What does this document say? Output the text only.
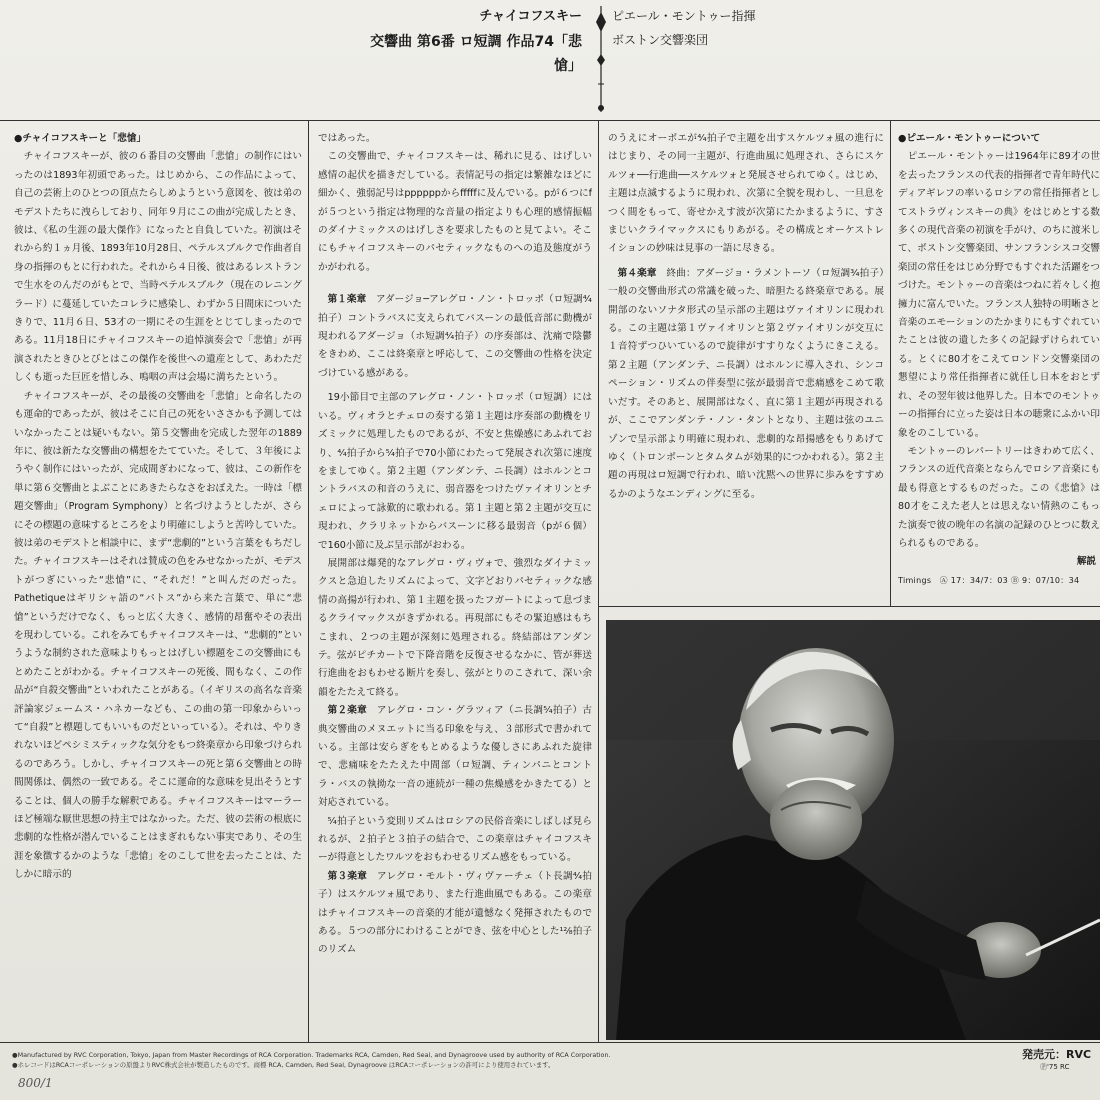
チャイコフスキー
交響曲 第6番 ロ短調 作品74「悲愴」
ピエール・モントゥー指揮
ボストン交響楽団

●チャイコフスキーと「悲愴」

チャイコフスキーが、彼の６番目の交響曲「悲愴」の制作にはいったのは1893年初頭であった。はじめから、この作品によって、自己の芸術上のひとつの頂点たらしめようという意図を、彼は弟のモデストたちに洩らしており、同年９月にこの曲が完成したとき、彼は、《私の生涯の最大傑作》になったと自負していた。初演はそれから約１ヵ月後、1893年10月28日、ペテルスブルクで作曲者自身の指揮のもとに行われた。それから４日後、彼はあるレストランで生水をのんだのがもとで、当時ペテルスブルク（現在のレニングラード）に蔓延していたコレラに感染し、わずか５日間床についたきりで、11月６日、53才の一期にその生涯をとじてしまったのである。11月18日にチャイコフスキーの追悼演奏会で「悲愴」が再演されたときひとびとはこの傑作を後世への遺産として、あわただしくも逝った巨匠を惜しみ、嗚咽の声は会場に満ちたという。

チャイコフスキーが、その最後の交響曲を「悲愴」と命名したのも運命的であったが、彼はそこに自己の死をいささかも予測してはいなかったことは疑いもない。第５交響曲を完成した翌年の1889年に、彼は新たな交響曲の構想をたてていた。そして、３年後にようやく制作にはいったが、完成間ぎわになって、彼は、この新作を単に第６交響曲とよぶことにあきたらなさをおぼえた。一時は「標題交響曲」（Program Symphony）と名づけようとしたが、さらにその標題の意味するところをより明確にしようと苦吟していた。彼は弟のモデストと相談中に、まず“悲劇的”という言葉をもちだした。チャイコフスキーはそれは賛成の色をみせなかったが、モデストがつぎにいった“悲愴”に、“それだ！”と叫んだのだった。Pathetiqueはギリシャ語の“パトス”から来た言葉で、単に“悲愴”というだけでなく、もっと広く大きく、感情的昂奮やその表出を現わしている。これをみてもチャイコフスキーは、“悲劇的”というような制約された意味よりもっとはげしい標題をこの交響曲にもとめたことがわかる。チャイコフスキーの死後、間もなく、この作品が“自殺交響曲”といわれたことがある。（イギリスの高名な音楽評論家ジェームス・ハネカーなども、この曲の第一印象からいって“自殺”と標題してもいいものだといっている）。それは、やりきれないほどペシミスティックな気分をもつ終楽章から印象づけられるのであろう。しかし、チャイコフスキーの死と第６交響曲との時間関係は、偶然の一致である。そこに運命的な意味を見出そうとすることは、個人の勝手な解釈である。チャイコフスキーはマーラーほど極端な厭世思想の持主ではなかった。ただ、彼の芸術の根底に悲劇的な性格が潜んでいることはまぎれもない事実であり、その生涯を象徴するかのような「悲愴」をのこして世を去ったことは、たしかに暗示的

ではあった。

この交響曲で、チャイコフスキーは、稀れに見る、はげしい感情の起伏を描きだしている。表情記号の指定は繁雑なほどに細かく、強弱記号はppppppからfffffに及んでいる。pが６つにfが５つという指定は物理的な音量の指定よりも心理的感情振幅のダイナミックスのはげしさを要求したものと見てよい。そこにもチャイコフスキーのパセティックなものへの追及態度がうかがわれる。

第１楽章　 アダージョ─アレグロ・ノン・トロッポ（ロ短調⁴⁄₄拍子）コントラバスに支えられてバスーンの最低音部に動機が現われるアダージョ（ホ短調⁴⁄₄拍子）の序奏部は、沈痛で陰鬱をきわめ、ここは終楽章と呼応して、この交響曲の性格を決定づけている感がある。

19小節目で主部のアレグロ・ノン・トロッポ（ロ短調）にはいる。ヴィオラとチェロの奏する第１主題は序奏部の動機をリズミックに処理したものであるが、不安と焦燥感にあふれており、⁴⁄₄拍子から⁵⁄₄拍子で70小節にわたって発展され次第に速度をましてゆく。第２主題（アンダンテ、ニ長調）はホルンとコントラバスの和音のうえに、弱音器をつけたヴァイオリンとチェロによって詠歎的に歌われる。第１主題と第２主題が交互に現われ、クラリネットからバスーンに移る最弱音（pが６個）で160小節に及ぶ呈示部がおわる。

展開部は爆発的なアレグロ・ヴィヴォで、強烈なダイナミックスと急迫したリズムによって、文字どおりパセティックな感情の高揚が行われ、第１主題を扱ったフガートによって息づまるクライマックスがきずかれる。再現部にもその緊迫感はもちこまれ、２つの主題が深刻に処理される。終結部はアンダンテ。弦がピチカートで下降音階を反復させるなかに、管が葬送行進曲をおもわせる断片を奏し、弦がとりのこされて、深い余韻をたたえて終る。

第２楽章　 アレグロ・コン・グラツィア（ニ長調⁵⁄₄拍子）古典交響曲のメヌエットに当る印象を与え、３部形式で書かれている。主部は安らぎをもとめるような優しさにあふれた旋律で、悲痛味をたたえた中間部（ロ短調、ティンパニとコントラ・バスの執拗な一音の連続が一種の焦燥感をかきたてる）と対応されている。

⁵⁄₄拍子という変則リズムはロシアの民俗音楽にしばしば見られるが、２拍子と３拍子の結合で、この楽章はチャイコフスキーが得意としたワルツをおもわせるリズム感をもっている。

第３楽章　 アレグロ・モルト・ヴィヴァーチェ（ト長調⁴⁄₄拍子）はスケルツォ風であり、また行進曲風でもある。この楽章はチャイコフスキーの音楽的才能が遺憾なく発揮されたものである。５つの部分にわけることができ、弦を中心とした¹²⁄₈拍子のリズム

のうえにオーボエが⁴⁄₄拍子で主題を出すスケルツォ風の進行にはじまり、その同一主題が、行進曲風に処理され、さらにスケルツォ──行進曲──スケルツォと発展させられてゆく。はじめ、主題は点滅するように現われ、次第に全貌を現わし、一旦息をつく間をもって、寄せかえす波が次第にたかまるように、すさまじいクライマックスにもりあがる。その構成とオーケストレイションの妙味は見事の一語に尽きる。

第４楽章　 終曲：アダージョ・ラメントーソ（ロ短調³⁄₄拍子）一般の交響曲形式の常識を破った、暗胆たる終楽章である。展開部のないソナタ形式の呈示部の主題はヴァイオリンに現われる。この主題は第１ヴァイオリンと第２ヴァイオリンが交互に１音符ずつひいているので旋律がすすりなくようにきこえる。第２主題（アンダンテ、ニ長調）はホルンに導入され、シンコペーション・リズムの伴奏型に弦が最弱音で悲痛感をこめて歌いだす。そのあと、展開部はなく、直に第１主題が再現されるが、ここでアンダンテ・ノン・タントとなり、主題は弦のユニゾンで呈示部より明確に現われ、悲劇的な昂揚感をもりあげてゆく（トロンボーンとタムタムが効果的につかわれる）。第２主題の再現はロ短調で行われ、暗い沈黙への世界に歩みをすすめるかのようなエンディングに至る。

●ピエール・モントゥーについて

ピエール・モントゥーは1964年に89才の世を去ったフランスの代表的指揮者で青年時代にディアギレフの率いるロシアの常任指揮者としてストラヴィンスキーの典》をはじめとする数多くの現代音楽の初演を手がけ、のちに渡米して、ボストン交響楽団、サンフランシスコ交響楽団の常任をはじめ分野でもすぐれた活躍をつづけた。モントゥーの音楽はつねに若々しく抱擁力に富んでいた。フランス人独特の明晰さと音楽のエモーションのたかまりにもすぐれていたことは彼の遺した多くの記録ずけられている。とくに80才をこえてロンドン交響楽団の懇望により常任指揮者に就任し日本をおとずれ、その翌年彼は他界した。日本でのモントゥーの指揮台に立った姿は日本の聴衆にふかい印象をのこしている。

モントゥーのレパートリーはきわめて広く、フランスの近代音楽とならんでロシア音楽にも最も得意とするものだった。この《悲愴》は80才をこえた老人とは思えない情熱のこもった演奏で彼の晩年の名演の記録のひとつに数えられるものである。

解説

Timings　 Ⓐ 17：34/7：03 Ⓑ 9：07/10：34

●Manufactured by RVC Corporation, Tokyo, Japan from Master Recordings of RCA Corporation. Trademarks RCA, Camden, Red Seal, and Dynagroove used by authority of RCA Corporation.
●ホレコードはRCAコーポレーションの原盤よりRVC株式会社が製造したものです。商標 RCA, Camden, Red Seal, Dynagroove はRCAコーポレーションの許可により使用されています。
発売元：RVC
Ⓟ'75 RC
800/1
